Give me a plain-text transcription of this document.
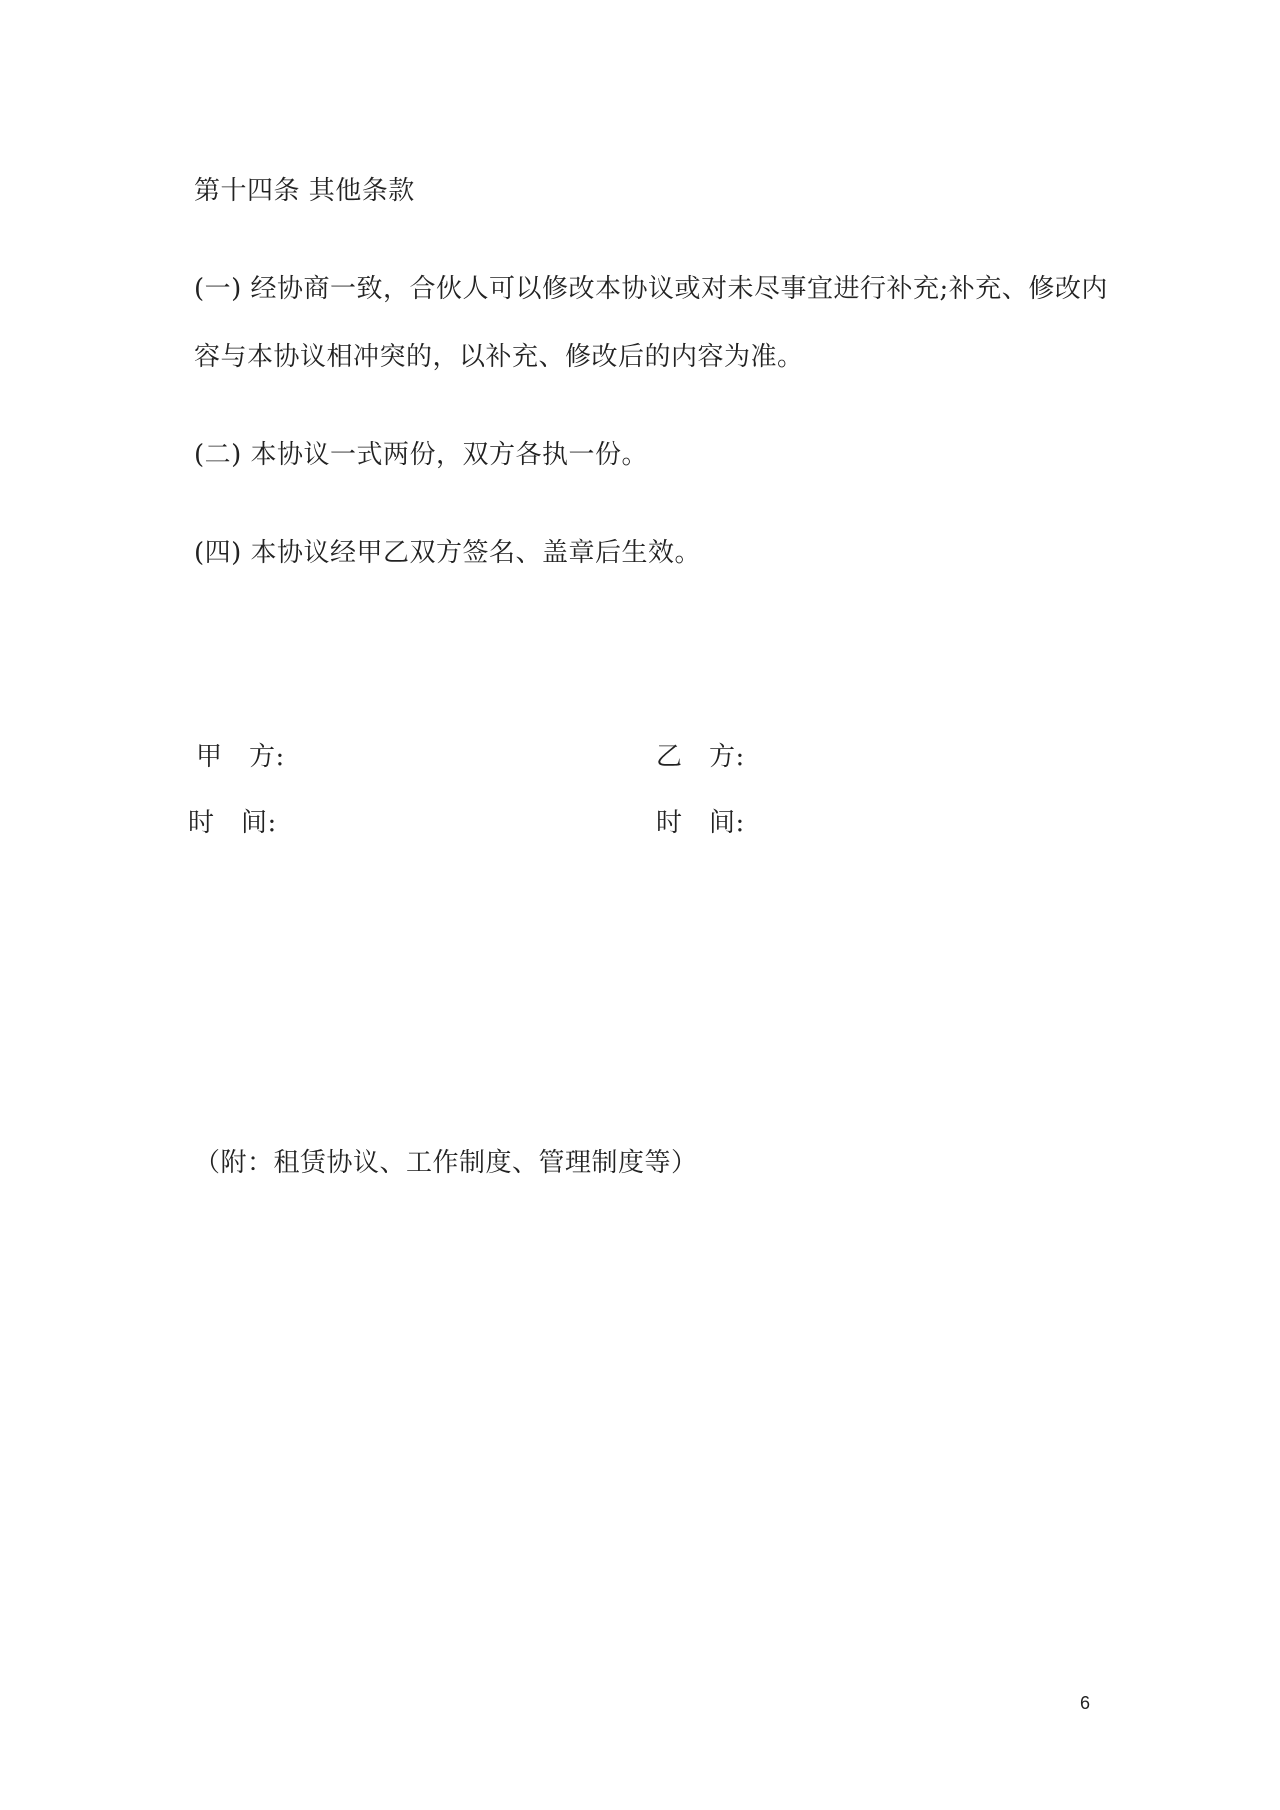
第十四条 其他条款
(一) 经协商一致，合伙人可以修改本协议或对未尽事宜进行补充;补充、修改内
容与本协议相冲突的，以补充、修改后的内容为准。
(二) 本协议一式两份，双方各执一份。
(四) 本协议经甲乙双方签名、盖章后生效。
甲　方:	乙　方:
时　间:	时　间:
（附：租赁协议、工作制度、管理制度等）
6
